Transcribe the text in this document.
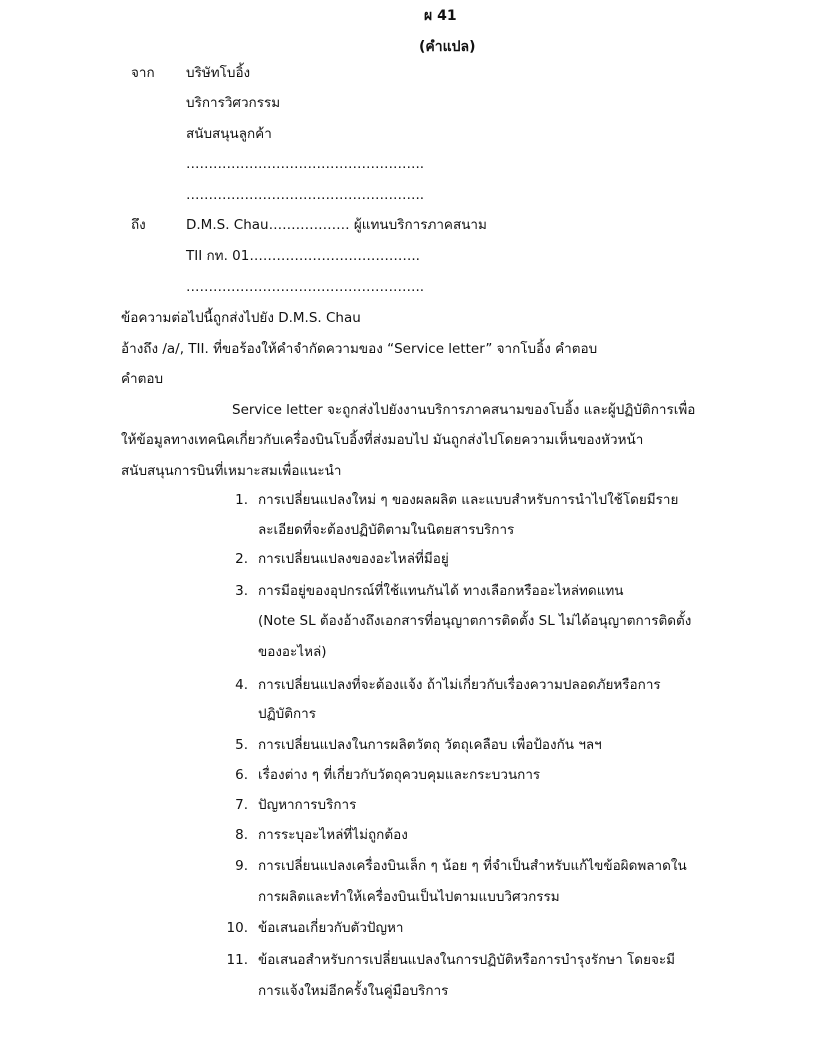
ผ 41
(คำแปล)
จาก บริษัทโบอิ้ง
บริการวิศวกรรม
สนับสนุนลูกค้า
……………………………………………..
……………………………………………..
ถึง	D.M.S. Chau……………… ผู้แทนบริการภาคสนาม
TII กท. 01………………………………..
……………………………………………..
ข้อความต่อไปนี้ถูกส่งไปยัง D.M.S. Chau
อ้างถึง /a/, TII. ที่ขอร้องให้คำจำกัดความของ “Service letter” จากโบอิ้ง คำตอบ
คำตอบ
Service letter จะถูกส่งไปยังงานบริการภาคสนามของโบอิ้ง และผู้ปฏิบัติการเพื่อ
ให้ข้อมูลทางเทคนิคเกี่ยวกับเครื่องบินโบอิ้งที่ส่งมอบไป มันถูกส่งไปโดยความเห็นของหัวหน้า
สนับสนุนการบินที่เหมาะสมเพื่อแนะนำ
1. การเปลี่ยนแปลงใหม่ ๆ ของผลผลิต และแบบสำหรับการนำไปใช้โดยมีราย
ละเอียดที่จะต้องปฏิบัติตามในนิตยสารบริการ
2. การเปลี่ยนแปลงของอะไหล่ที่มีอยู่
3. การมีอยู่ของอุปกรณ์ที่ใช้แทนกันได้ ทางเลือกหรืออะไหล่ทดแทน
(Note SL ต้องอ้างถึงเอกสารที่อนุญาตการติดตั้ง SL ไม่ได้อนุญาตการติดตั้ง
ของอะไหล่)
4. การเปลี่ยนแปลงที่จะต้องแจ้ง ถ้าไม่เกี่ยวกับเรื่องความปลอดภัยหรือการ
ปฏิบัติการ
5. การเปลี่ยนแปลงในการผลิตวัตถุ วัตถุเคลือบ เพื่อป้องกัน ฯลฯ
6. เรื่องต่าง ๆ ที่เกี่ยวกับวัตถุควบคุมและกระบวนการ
7. ปัญหาการบริการ
8. การระบุอะไหล่ที่ไม่ถูกต้อง
9. การเปลี่ยนแปลงเครื่องบินเล็ก ๆ น้อย ๆ ที่จำเป็นสำหรับแก้ไขข้อผิดพลาดใน
การผลิตและทำให้เครื่องบินเป็นไปตามแบบวิศวกรรม
10. ข้อเสนอเกี่ยวกับตัวปัญหา
11. ข้อเสนอสำหรับการเปลี่ยนแปลงในการปฏิบัติหรือการบำรุงรักษา โดยจะมี
การแจ้งใหม่อีกครั้งในคู่มือบริการ
